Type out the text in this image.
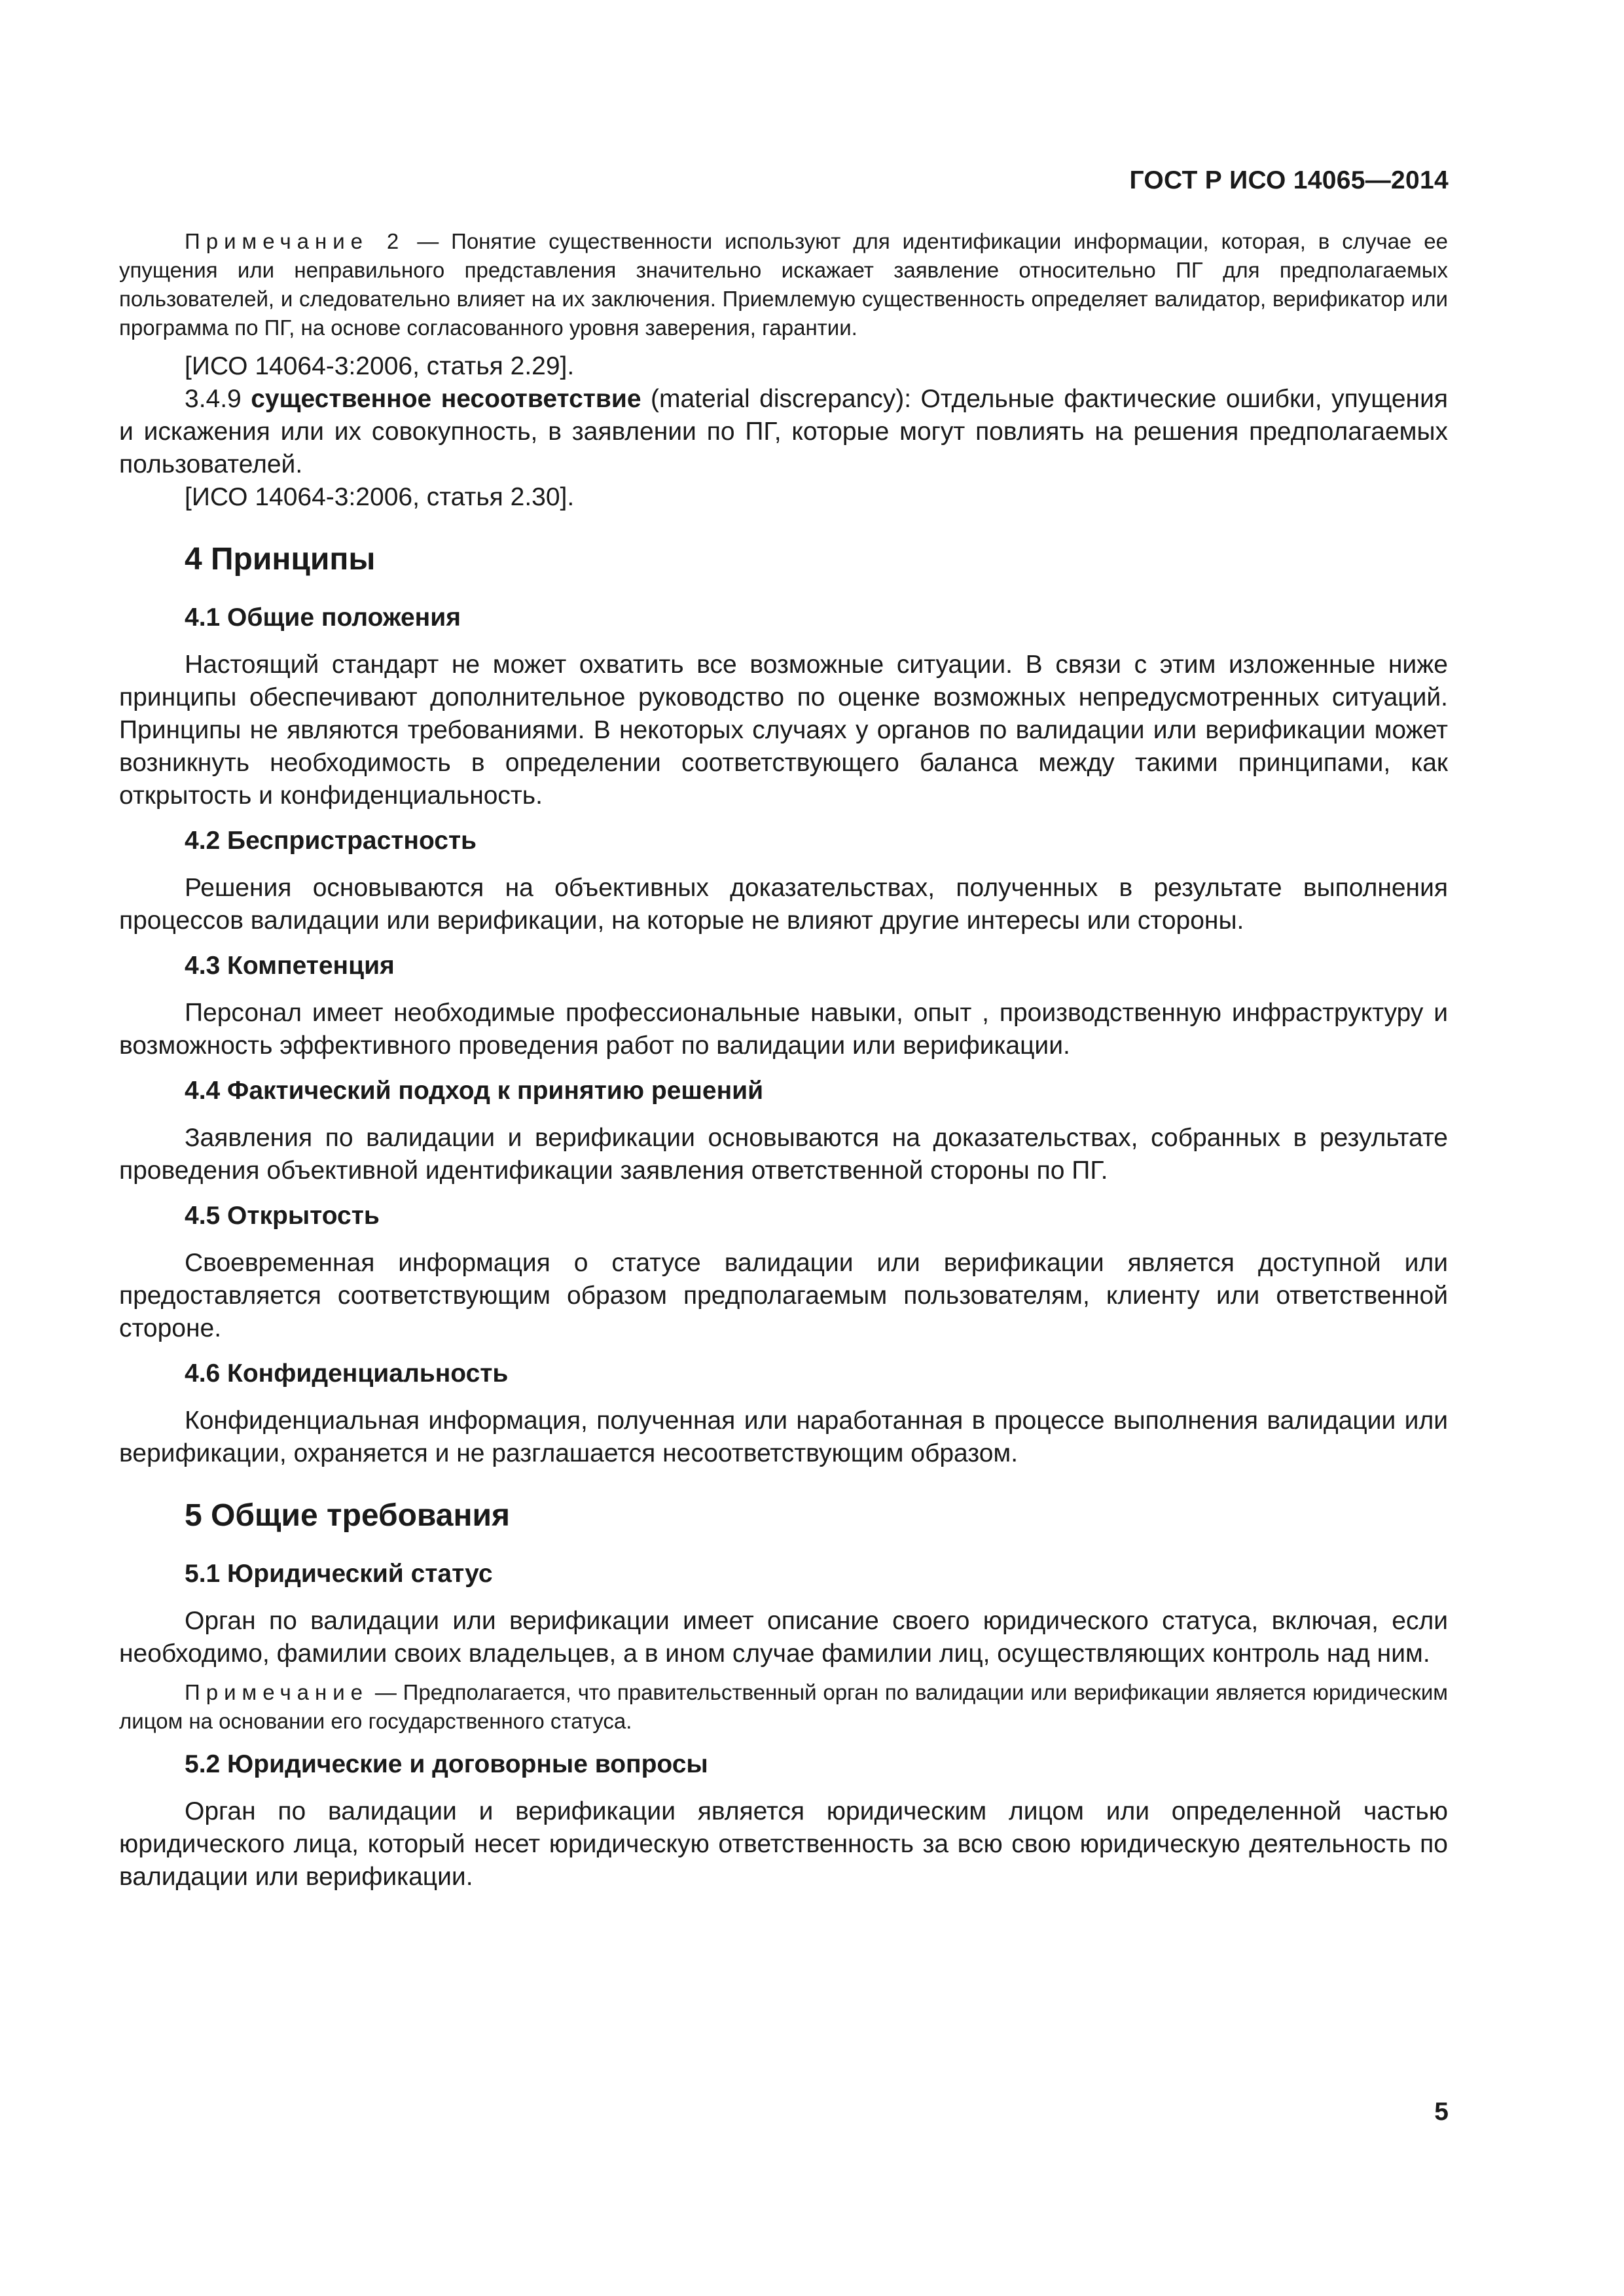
ГОСТ Р ИСО 14065—2014

Примечание 2 — Понятие существенности используют для идентификации информации, которая, в случае ее упущения или неправильного представления значительно искажает заявление относительно ПГ для предполагаемых пользователей, и следовательно влияет на их заключения. Приемлемую существенность определяет валидатор, верификатор или программа по ПГ, на основе согласованного уровня заверения, гарантии.

[ИСО 14064-3:2006, статья 2.29].

3.4.9 существенное несоответствие (material discrepancy): Отдельные фактические ошибки, упущения и искажения или их совокупность, в заявлении по ПГ, которые могут повлиять на решения предполагаемых пользователей.

[ИСО 14064-3:2006, статья 2.30].

4 Принципы
4.1 Общие положения

Настоящий стандарт не может охватить все возможные ситуации. В связи с этим изложенные ниже принципы обеспечивают дополнительное руководство по оценке возможных непредусмотренных ситуаций. Принципы не являются требованиями. В некоторых случаях у органов по валидации или верификации может возникнуть необходимость в определении соответствующего баланса между такими принципами, как открытость и конфиденциальность.

4.2 Беспристрастность

Решения основываются на объективных доказательствах, полученных в результате выполнения процессов валидации или верификации, на которые не влияют другие интересы или стороны.

4.3 Компетенция

Персонал имеет необходимые профессиональные навыки, опыт , производственную инфраструктуру и возможность эффективного проведения работ по валидации или верификации.

4.4 Фактический подход к принятию решений

Заявления по валидации и верификации основываются на доказательствах, собранных в результате проведения объективной идентификации заявления ответственной стороны по ПГ.

4.5 Открытость

Своевременная информация о статусе валидации или верификации является доступной или предоставляется соответствующим образом предполагаемым пользователям, клиенту или ответственной стороне.

4.6 Конфиденциальность

Конфиденциальная информация, полученная или наработанная в процессе выполнения валидации или верификации, охраняется и не разглашается несоответствующим образом.

5 Общие требования
5.1 Юридический статус

Орган по валидации или верификации имеет описание своего юридического статуса, включая, если необходимо, фамилии своих владельцев, а в ином случае фамилии лиц, осуществляющих контроль над ним.

Примечание — Предполагается, что правительственный орган по валидации или верификации является юридическим лицом на основании его государственного статуса.

5.2 Юридические и договорные вопросы

Орган по валидации и верификации является юридическим лицом или определенной частью юридического лица, который несет юридическую ответственность за всю свою юридическую деятельность по валидации или верификации.

5
